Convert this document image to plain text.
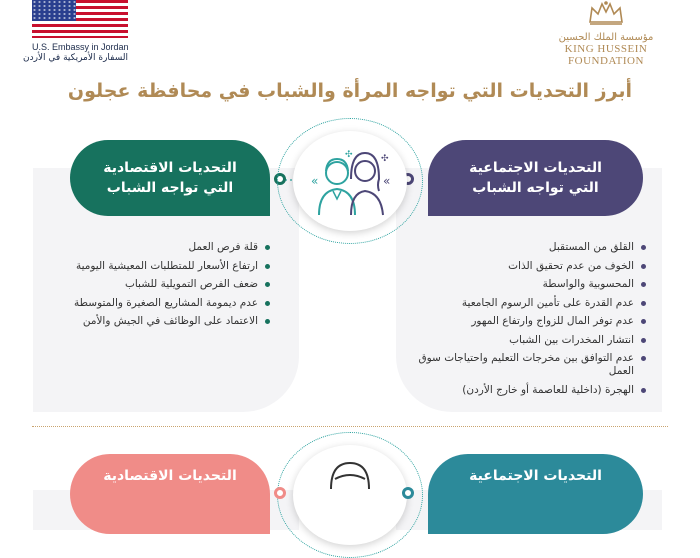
U.S. Embassy in Jordan
السفارة الأمريكية في الأردن
مؤسسة الملك الحسين
KING HUSSEIN
FOUNDATION
أبرز التحديات التي تواجه المرأة والشباب في محافظة عجلون
التحديات الاجتماعية
التي تواجه الشباب
التحديات الاقتصادية
التي تواجه الشباب	«	«
✣	✣
القلق من المستقبل
الخوف من عدم تحقيق الذات
المحسوبية والواسطة
عدم القدرة على تأمين الرسوم الجامعية
عدم توفر المال للزواج وارتفاع المهور
انتشار المخدرات بين الشباب
عدم التوافق بين مخرجات التعليم واحتياجات سوق العمل
الهجرة (داخلية للعاصمة أو خارج الأردن)
قلة فرص العمل
ارتفاع الأسعار للمتطلبات المعيشية اليومية
ضعف الفرص التمويلية للشباب
عدم ديمومة المشاريع الصغيرة والمتوسطة
الاعتماد على الوظائف في الجيش والأمن
التحديات الاقتصادية	التحديات الاجتماعية
